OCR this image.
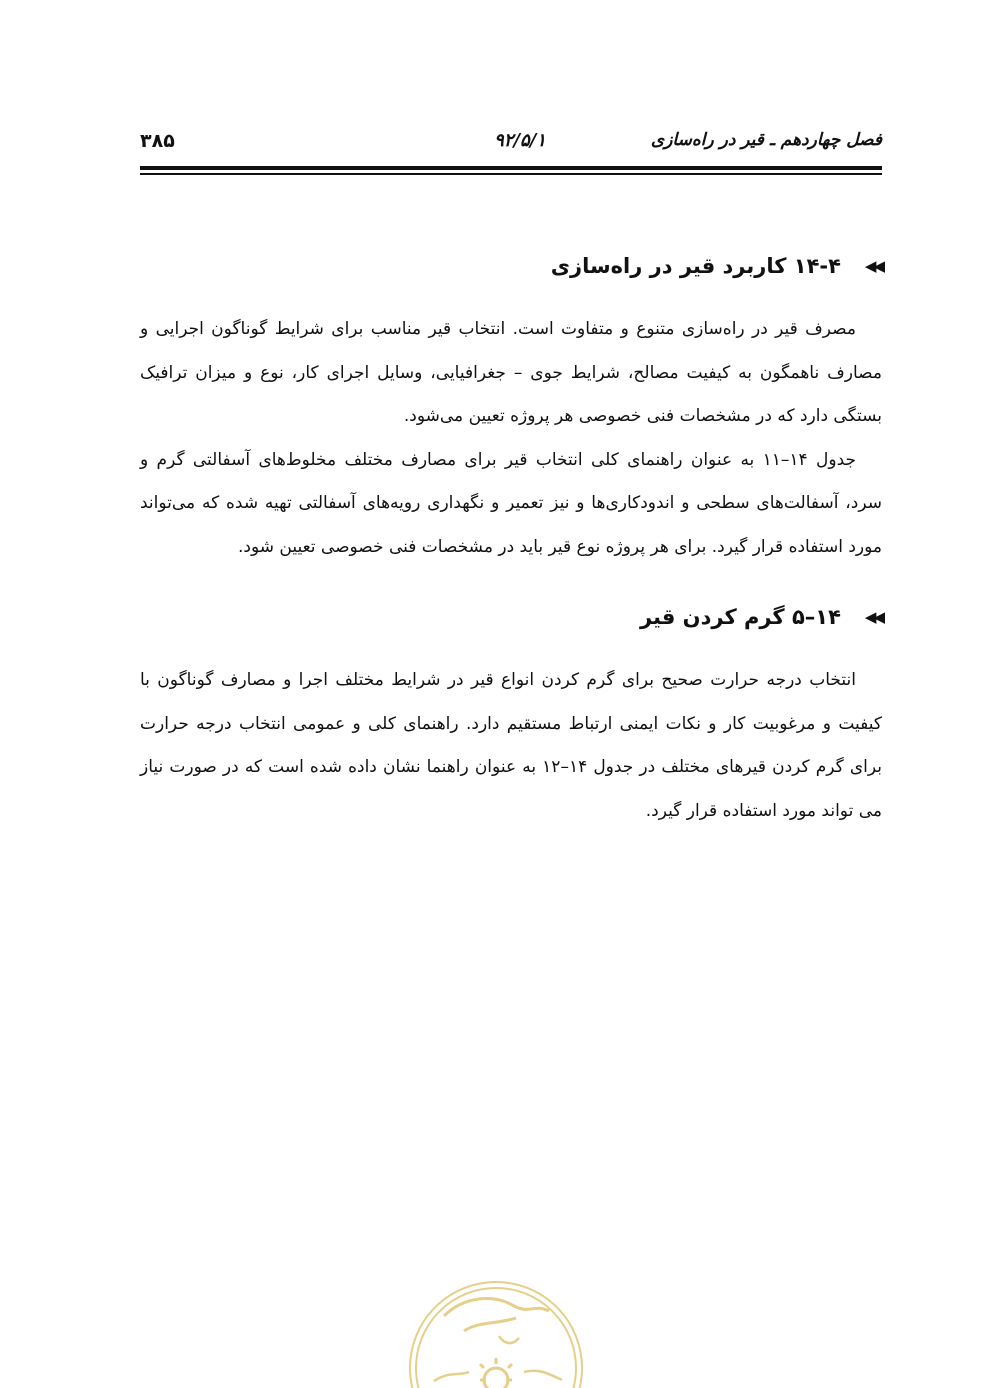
۳۸۵	۹۲/۵/۱	فصل چهاردهم ـ قیر در راه‌سازی
◀◀
۱۴-۴ کاربرد قیر در راه‌سازی

مصرف قیر در راه‌سازی متنوع و متفاوت است. انتخاب قیر مناسب برای شرایط گوناگون اجرایی و مصارف ناهمگون به کیفیت مصالح، شرایط جوی – جغرافیایی، وسایل اجرای کار، نوع و میزان ترافیک بستگی دارد که در مشخصات فنی خصوصی هر پروژه تعیین می‌شود.

جدول ۱۴–۱۱ به عنوان راهنمای کلی انتخاب قیر برای مصارف مختلف مخلوط‌های آسفالتی گرم و سرد، آسفالت‌های سطحی و اندودکاری‌ها و نیز تعمیر و نگهداری رویه‌های آسفالتی تهیه شده که می‌تواند مورد استفاده قرار گیرد. برای هر پروژه نوع قیر باید در مشخصات فنی خصوصی تعیین شود.

◀◀
۱۴–۵ گرم کردن قیر

انتخاب درجه حرارت صحیح برای گرم کردن انواع قیر در شرایط مختلف اجرا و مصارف گوناگون با کیفیت و مرغوبیت کار و نکات ایمنی ارتباط مستقیم دارد. راهنمای کلی و عمومی انتخاب درجه حرارت برای گرم کردن قیرهای مختلف در جدول ۱۴–۱۲ به عنوان راهنما نشان داده شده است که در صورت نیاز می تواند مورد استفاده قرار گیرد.
